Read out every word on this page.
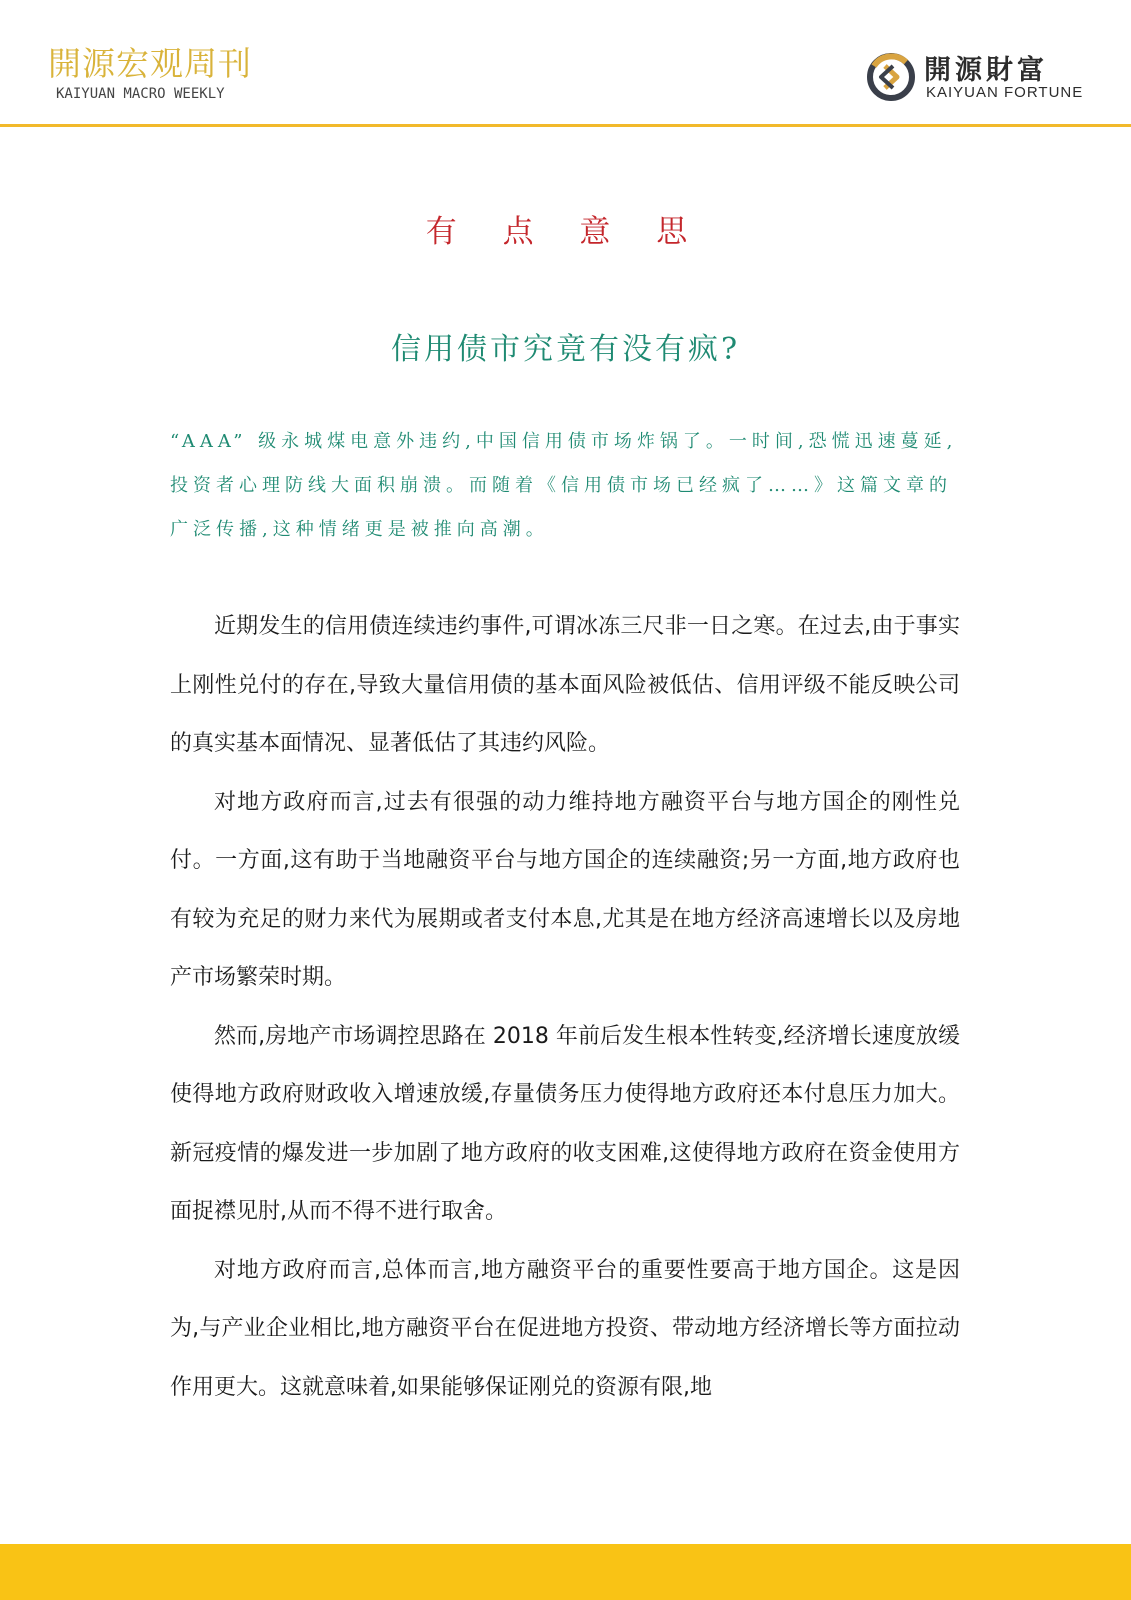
開源宏观周刊
KAIYUAN MACRO WEEKLY
開源財富
KAIYUAN FORTUNE
有 点 意 思
信用债市究竟有没有疯?
“AAA” 级永城煤电意外违约,中国信用债市场炸锅了。一时间,恐慌迅速蔓延,投资者心理防线大面积崩溃。而随着《信用债市场已经疯了……》这篇文章的广泛传播,这种情绪更是被推向高潮。

近期发生的信用债连续违约事件,可谓冰冻三尺非一日之寒。在过去,由于事实上刚性兑付的存在,导致大量信用债的基本面风险被低估、信用评级不能反映公司的真实基本面情况、显著低估了其违约风险。

对地方政府而言,过去有很强的动力维持地方融资平台与地方国企的刚性兑付。一方面,这有助于当地融资平台与地方国企的连续融资;另一方面,地方政府也有较为充足的财力来代为展期或者支付本息,尤其是在地方经济高速增长以及房地产市场繁荣时期。

然而,房地产市场调控思路在 2018 年前后发生根本性转变,经济增长速度放缓使得地方政府财政收入增速放缓,存量债务压力使得地方政府还本付息压力加大。新冠疫情的爆发进一步加剧了地方政府的收支困难,这使得地方政府在资金使用方面捉襟见肘,从而不得不进行取舍。

对地方政府而言,总体而言,地方融资平台的重要性要高于地方国企。这是因为,与产业企业相比,地方融资平台在促进地方投资、带动地方经济增长等方面拉动作用更大。这就意味着,如果能够保证刚兑的资源有限,地
